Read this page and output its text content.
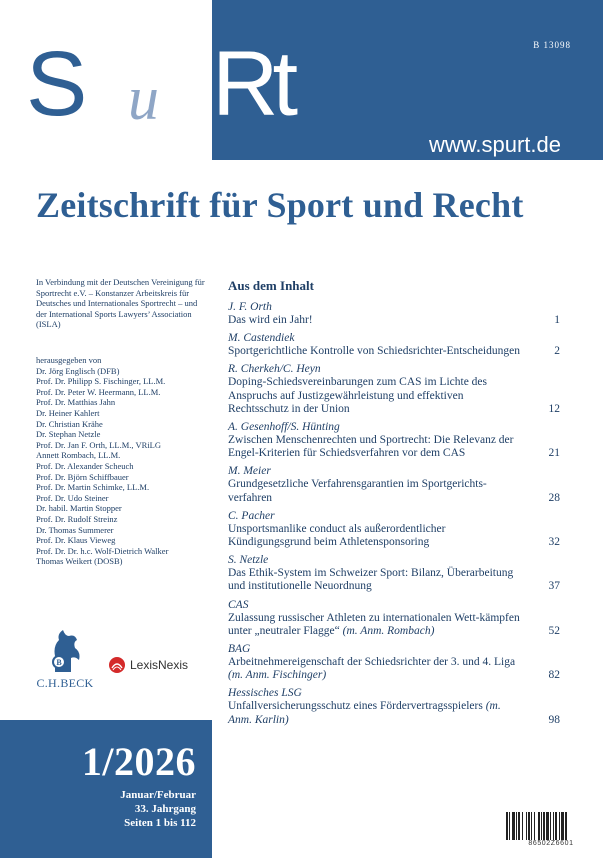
Sp u Rt	B 13098
www.spurt.de
Zeitschrift für Sport und Recht

In Verbindung mit der Deutschen Vereinigung für Sportrecht e.V. – Konstanzer Arbeitskreis für Deutsches und Internationales Sportrecht – und der International Sports Lawyers’ Association (ISLA)

herausgegeben von
Dr. Jörg Englisch (DFB)
Prof. Dr. Philipp S. Fischinger, LL.M.
Prof. Dr. Peter W. Heermann, LL.M.
Prof. Dr. Matthias Jahn
Dr. Heiner Kahlert
Dr. Christian Krähe
Dr. Stephan Netzle
Prof. Dr. Jan F. Orth, LL.M., VRiLG
Annett Rombach, LL.M.
Prof. Dr. Alexander Scheuch
Prof. Dr. Björn Schiffbauer
Prof. Dr. Martin Schimke, LL.M.
Prof. Dr. Udo Steiner
Dr. habil. Martin Stopper
Prof. Dr. Rudolf Streinz
Dr. Thomas Summerer
Prof. Dr. Klaus Vieweg
Prof. Dr. Dr. h.c. Wolf-Dietrich Walker
Thomas Weikert (DOSB)
B
C.H.BECK
LexisNexis
1/2026
Januar/Februar
33. Jahrgang
Seiten 1 bis 112
Aus dem Inhalt
J. F. Orth
Das wird ein Jahr!	1
M. Castendiek
Sportgerichtliche Kontrolle von Schiedsrichter-Entscheidungen	2
R. Cherkeh/C. Heyn
Doping-Schiedsvereinbarungen zum CAS im Lichte des Anspruchs auf Justizgewährleistung und effektiven Rechtsschutz in der Union	12
A. Gesenhoff/S. Hünting
Zwischen Menschenrechten und Sportrecht: Die Relevanz der Engel-Kriterien für Schiedsverfahren vor dem CAS	21
M. Meier
Grundgesetzliche Verfahrensgarantien im Sportgerichts-verfahren	28
C. Pacher
Unsportsmanlike conduct als außerordentlicher Kündigungsgrund beim Athletensponsoring	32
S. Netzle
Das Ethik-System im Schweizer Sport: Bilanz, Überarbeitung und institutionelle Neuordnung	37
CAS
Zulassung russischer Athleten zu internationalen Wett-kämpfen unter „neutraler Flagge“ (m. Anm. Rombach)	52
BAG
Arbeitnehmereigenschaft der Schiedsrichter der 3. und 4. Liga (m. Anm. Fischinger)	82
Hessisches LSG
Unfallversicherungsschutz eines Fördervertragsspielers (m. Anm. Karlin)	98
86502Z6601
